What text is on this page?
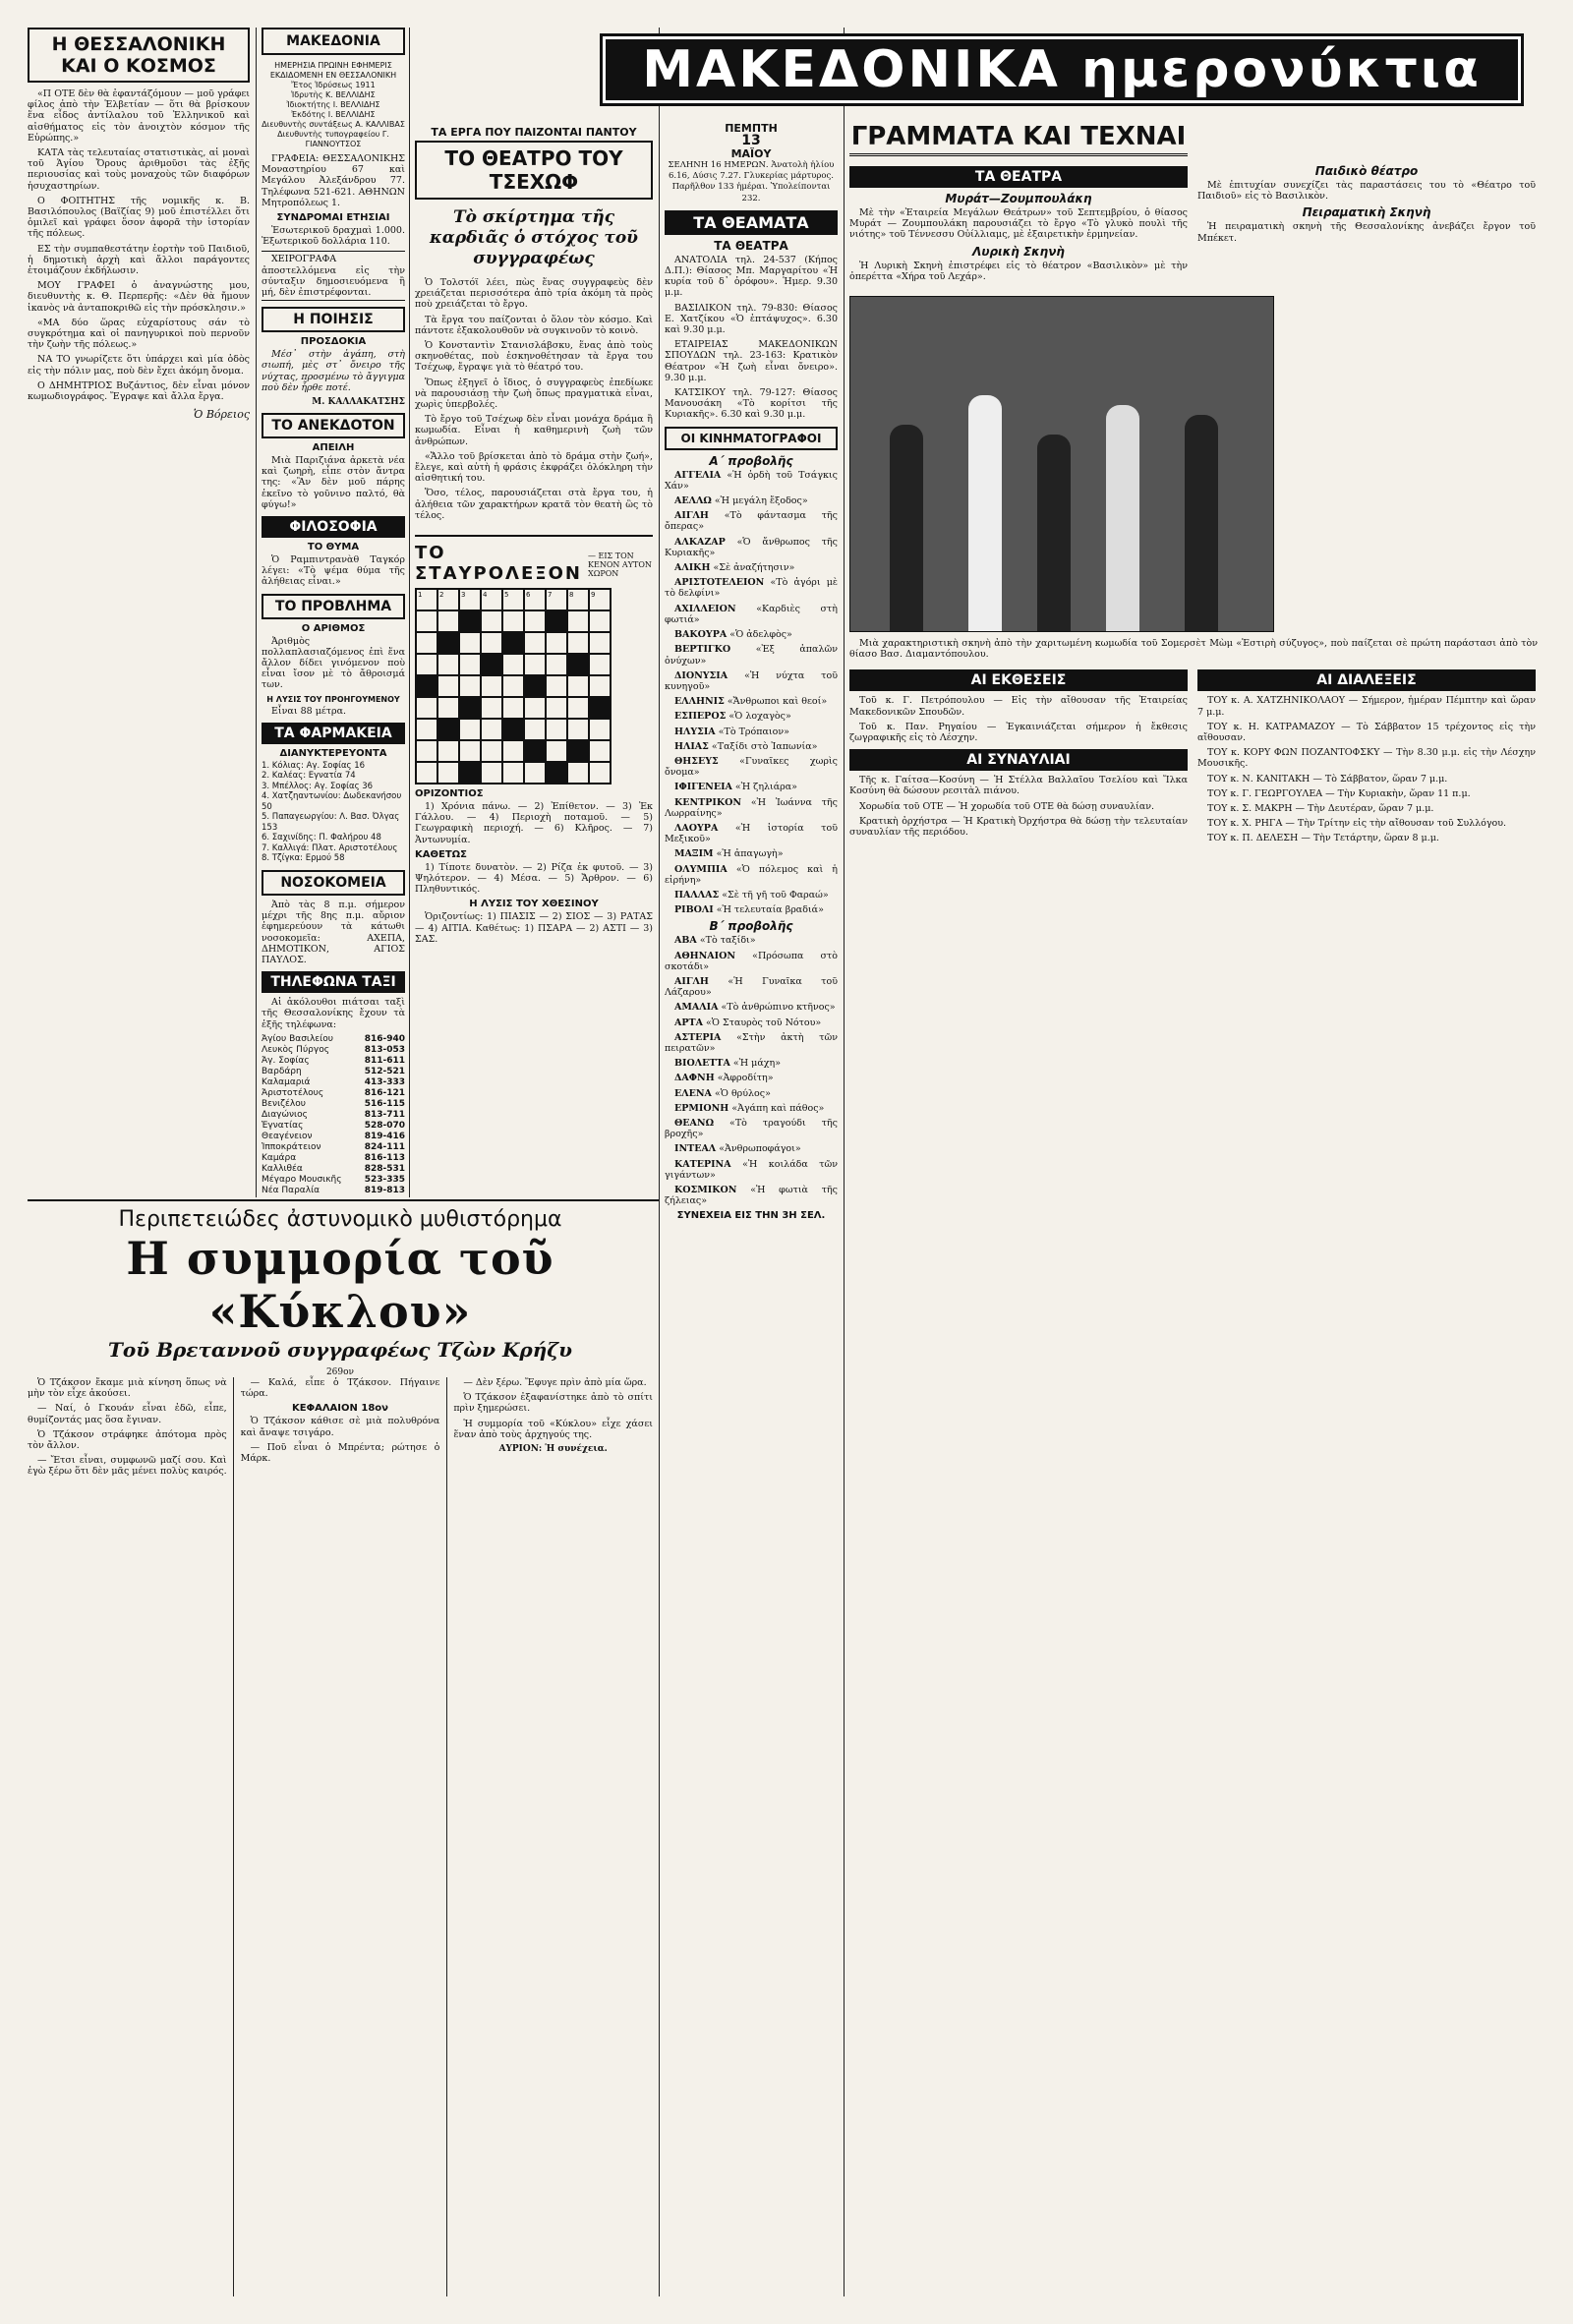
ΜΑΚΕΔΟΝΙΚΑ ημερονύκτια
Η ΘΕΣΣΑΛΟΝΙΚΗ ΚΑΙ Ο ΚΟΣΜΟΣ

«Π ΟΤΕ δὲν θὰ ἐφαντάζόμουν — μοῦ γράφει φίλος ἀπὸ τὴν Ἑλβετίαν — ὅτι θὰ βρίσκουν ἕνα εἶδος ἀντίλαλου τοῦ Ἑλληνικοῦ καὶ αἰσθήματος εἰς τὸν ἀνοιχτὸν κόσμον τῆς Εὐρώπης.»

ΚΑΤΑ τὰς τελευταίας στατιστικὰς, αἱ μοναὶ τοῦ Ἁγίου Ὄρους ἀριθμοῦσι τὰς ἐξῆς περιουσίας καὶ τοὺς μοναχοὺς τῶν διαφόρων ἡσυχαστηρίων.

Ο ΦΟΙΤΗΤΗΣ τῆς νομικῆς κ. Β. Βασιλόπουλος (Βαϊζίας 9) μοῦ ἐπιστέλλει ὅτι ὁμιλεῖ καὶ γράφει ὅσον ἀφορᾶ τὴν ἱστορίαν τῆς πόλεως.

ΕΣ τὴν συμπαθεστάτην ἑορτὴν τοῦ Παιδιοῦ, ἡ δημοτικὴ ἀρχὴ καὶ ἄλλοι παράγοντες ἐτοιμάζουν ἐκδήλωσιν.

ΜΟΥ ΓΡΑΦΕΙ ὁ ἀναγνώστης μου, διευθυντὴς κ. Θ. Περπερῆς: «Δὲν θὰ ἤμουν ἱκανὸς νὰ ἀνταποκριθῶ εἰς τὴν πρόσκλησιν.»

«ΜΑ δύο ὥρας εὐχαρίστους σάν τὸ συγκρότημα καὶ οἱ πανηγυρικοὶ ποὺ περνοῦν τὴν ζωὴν τῆς πόλεως.»

ΝΑ ΤΟ γνωρίζετε ὅτι ὑπάρχει καὶ μία ὁδὸς εἰς τὴν πόλιν μας, ποὺ δὲν ἔχει ἀκόμη ὄνομα.

Ο ΔΗΜΗΤΡΙΟΣ Βυζάντιος, δὲν εἶναι μόνον κωμωδιογράφος. Ἔγραψε καὶ ἄλλα ἔργα.

Ὁ Βόρειος
ΜΑΚΕΔΟΝΙΑ
ΗΜΕΡΗΣΙΑ ΠΡΩΙΝΗ ΕΦΗΜΕΡΙΣ ΕΚΔΙΔΟΜΕΝΗ ΕΝ ΘΕΣΣΑΛΟΝΙΚΗ
Ἔτος Ἱδρύσεως 1911
Ἱδρυτὴς Κ. ΒΕΛΛΙΔΗΣ
Ἰδιοκτήτης Ι. ΒΕΛΛΙΔΗΣ
Ἐκδότης Ι. ΒΕΛΛΙΔΗΣ
Διευθυντὴς συντάξεως Α. ΚΑΛΛΙΒΑΣ
Διευθυντὴς τυπογραφείου Γ. ΓΙΑΝΝΟΥΤΣΟΣ

ΓΡΑΦΕΙΑ: ΘΕΣΣΑΛΟΝΙΚΗΣ Μοναστηρίου 67 καὶ Μεγάλου Ἀλεξάνδρου 77. Τηλέφωνα 521-621. ΑΘΗΝΩΝ Μητροπόλεως 1.

ΣΥΝΔΡΟΜΑΙ ΕΤΗΣΙΑΙ

Ἐσωτερικοῦ δραχμαὶ 1.000. Ἐξωτερικοῦ δολλάρια 110.

ΧΕΙΡΟΓΡΑΦΑ ἀποστελλόμενα εἰς τὴν σύνταξιν δημοσιευόμενα ἢ μή, δὲν ἐπιστρέφονται.

Η ΠΟΙΗΣΙΣ
ΠΡΟΣΔΟΚΙΑ

Μέσ᾽ στὴν ἀγάπη, στὴ σιωπή, μὲς στ᾽ ὄνειρο τῆς νύχτας, προσμένω τὸ ἄγγιγμα ποὺ δὲν ἦρθε ποτέ.

Μ. ΚΑΛΛΑΚΑΤΣΗΣ
ΤΟ ΑΝΕΚΔΟΤΟΝ
ΑΠΕΙΛΗ

Μιὰ Παριζιάνα ἀρκετὰ νέα καὶ ζωηρὴ, εἶπε στὸν ἄντρα της: «Ἂν δὲν μοῦ πάρης ἐκεῖνο τὸ γοῦνινο παλτό, θὰ φύγω!»

ΦΙΛΟΣΟΦΙΑ
ΤΟ ΘΥΜΑ

Ὁ Ραμπιντρανὰθ Ταγκόρ λέγει: «Τὸ ψέμα θύμα τῆς ἀλήθειας εἶναι.»

ΤΟ ΠΡΟΒΛΗΜΑ
Ο ΑΡΙΘΜΟΣ

Ἀριθμὸς πολλαπλασιαζόμενος ἐπὶ ἕνα ἄλλον δίδει γινόμενον ποὺ εἶναι ἴσον μὲ τὸ ἄθροισμά των.

Η ΛΥΣΙΣ ΤΟΥ ΠΡΟΗΓΟΥΜΕΝΟΥ

Εἶναι 88 μέτρα.

ΤΑ ΦΑΡΜΑΚΕΙΑ
ΔΙΑΝΥΚΤΕΡΕΥΟΝΤΑ
1. Κόλιας: Αγ. Σοφίας 16
2. Καλέας: Εγνατία 74
3. Μπέλλος: Αγ. Σοφίας 36
4. Χατζηαντωνίου: Δωδεκανήσου 50
5. Παπαγεωργίου: Λ. Βασ. Όλγας 153
6. Σαχινίδης: Π. Φαλήρου 48
7. Καλλιγά: Πλατ. Αριστοτέλους
8. Τζίγκα: Ερμού 58
ΝΟΣΟΚΟΜΕΙΑ

Ἀπὸ τὰς 8 π.μ. σήμερον μέχρι τῆς 8ης π.μ. αὔριον ἐφημερεύουν τὰ κάτωθι νοσοκομεῖα: ΑΧΕΠΑ, ΔΗΜΟΤΙΚΟΝ, ΑΓΙΟΣ ΠΑΥΛΟΣ.

ΤΗΛΕΦΩΝΑ ΤΑΞΙ

Αἱ ἀκόλουθοι πιάτσαι ταξὶ τῆς Θεσσαλονίκης ἔχουν τὰ ἐξῆς τηλέφωνα:

Ἀγίου Βασιλείου	816-940
Λευκὸς Πύργος	813-053
Ἀγ. Σοφίας	811-611
Βαρδάρη	512-521
Καλαμαριά	413-333
Ἀριστοτέλους	816-121
Βενιζέλου	516-115
Διαγώνιος	813-711
Ἐγνατίας	528-070
Θεαγένειον	819-416
Ἱπποκράτειον	824-111
Καμάρα	816-113
Καλλιθέα	828-531
Μέγαρο Μουσικῆς	523-335
Νέα Παραλία	819-813

ΤΑ ΕΡΓΑ ΠΟΥ ΠΑΙΖΟΝΤΑΙ ΠΑΝΤΟΥ
ΤΟ ΘΕΑΤΡΟ ΤΟΥ ΤΣΕΧΩΦ
Τὸ σκίρτημα τῆς καρδιᾶς ὁ στόχος τοῦ συγγραφέως

Ὁ Τολστόϊ λέει, πὼς ἕνας συγγραφεὺς δὲν χρειάζεται περισσότερα ἀπὸ τρία ἀκόμη τὰ πρὸς ποὺ χρειάζεται τὸ ἔργο.

Τὰ ἔργα του παίζονται ὁ ὅλον τὸν κόσμο. Καὶ πάντοτε ἐξακολουθοῦν νὰ συγκινοῦν τὸ κοινὸ.

Ὁ Κονσταντὶν Στανισλάβσκυ, ἕνας ἀπὸ τοὺς σκηνοθέτας, ποὺ ἐσκηνοθέτησαν τὰ ἔργα του Τσέχωφ, ἔγραψε γιὰ τὸ θέατρό του.

Ὅπως ἐξηγεῖ ὁ ἴδιος, ὁ συγγραφεὺς ἐπεδίωκε νὰ παρουσιάσῃ τὴν ζωὴ ὅπως πραγματικὰ εἶναι, χωρὶς ὑπερβολές.

Τὸ ἔργο τοῦ Τσέχωφ δὲν εἶναι μονάχα δράμα ἢ κωμωδία. Εἶναι ἡ καθημερινὴ ζωὴ τῶν ἀνθρώπων.

«Ἄλλο τοῦ βρίσκεται ἀπὸ τὸ δράμα στὴν ζωή», ἔλεγε, καὶ αὐτὴ ἡ φράσις ἐκφράζει ὁλόκληρη τὴν αἰσθητική του.

Ὅσο, τέλος, παρουσιάζεται στὰ ἔργα του, ἡ ἀλήθεια τῶν χαρακτήρων κρατᾶ τὸν θεατὴ ὣς τὸ τέλος.

ΤΟ ΣΤΑΥΡΟΛΕΞΟΝ
— ΕΙΣ ΤΟΝ ΚΕΝΟΝ ΑΥΤΟΝ ΧΩΡΟΝ
1	2	3	4	5	6	7	8	9
ΟΡΙΖΟΝΤΙΟΣ

1) Χρόνια πάνω. — 2) Ἐπίθετον. — 3) Ἐκ Γάλλου. — 4) Περιοχὴ ποταμοῦ. — 5) Γεωγραφικὴ περιοχή. — 6) Κλῆρος. — 7) Ἀντωνυμία.

ΚΑΘΕΤΩΣ

1) Τίποτε δυνατὸν. — 2) Ρίζα ἐκ φυτοῦ. — 3) Ψηλότερον. — 4) Μέσα. — 5) Ἄρθρον. — 6) Πληθυντικός.

Η ΛΥΣΙΣ ΤΟΥ ΧΘΕΣΙΝΟΥ

Ὁριζοντίως: 1) ΠΙΑΣΙΣ — 2) ΣΙΟΣ — 3) ΡΑΤΑΣ — 4) ΑΙΤΙΑ. Καθέτως: 1) ΠΣΑΡΑ — 2) ΑΣΤΙ — 3) ΣΑΣ.

Περιπετειώδες ἀστυνομικὸ μυθιστόρημα
Η συμμορία τοῦ «Κύκλου»
Τοῦ Βρεταννοῦ συγγραφέως Τζὼν Κρήζυ
269ον

Ὁ Τζάκσον ἔκαμε μιὰ κίνηση ὅπως νὰ μὴν τὸν εἶχε ἀκούσει.

— Ναί, ὁ Γκουάν εἶναι ἐδῶ, εἶπε, θυμίζοντάς μας ὅσα ἔγιναν.

Ὁ Τζάκσον στράφηκε ἀπότομα πρὸς τὸν ἄλλον.

— Ἔτσι εἶναι, συμφωνῶ μαζί σου. Καὶ ἐγὼ ξέρω ὅτι δὲν μᾶς μένει πολὺς καιρός.

— Καλά, εἶπε ὁ Τζάκσον. Πήγαινε τώρα.

ΚΕΦΑΛΑΙΟΝ 18ον

Ὁ Τζάκσον κάθισε σὲ μιὰ πολυθρόνα καὶ ἄναψε τσιγάρο.

— Ποῦ εἶναι ὁ Μπρέντα; ρώτησε ὁ Μάρκ.

— Δὲν ξέρω. Ἔφυγε πρὶν ἀπὸ μία ὥρα.

Ὁ Τζάκσον ἐξαφανίστηκε ἀπὸ τὸ σπίτι πρὶν ξημερώσει.

Ἡ συμμορία τοῦ «Κύκλου» εἶχε χάσει ἕναν ἀπὸ τοὺς ἀρχηγούς της.

ΑΥΡΙΟΝ: Ἡ συνέχεια.
ΠΕΜΠΤΗ
13
ΜΑΪΟΥ

ΣΕΛΗΝΗ 16 ΗΜΕΡΩΝ. Ἀνατολὴ ἡλίου 6.16, Δύσις 7.27. Γλυκερίας μάρτυρος. Παρῆλθον 133 ἡμέραι. Ὑπολείπονται 232.

ΤΑ ΘΕΑΜΑΤΑ
ΤΑ ΘΕΑΤΡΑ

ΑΝΑΤΟΛΙΑ τηλ. 24-537 (Κήπος Δ.Π.): Θίασος Μπ. Μαργαρίτου «Ἡ κυρία τοῦ δ᾽ ὀρόφου». Ἡμερ. 9.30 μ.μ.

ΒΑΣΙΛΙΚΟΝ τηλ. 79-830: Θίασος Ε. Χατζίκου «Ὁ ἑπτάψυχος». 6.30 καὶ 9.30 μ.μ.

ΕΤΑΙΡΕΙΑΣ ΜΑΚΕΔΟΝΙΚΩΝ ΣΠΟΥΔΩΝ τηλ. 23-163: Κρατικὸν Θέατρον «Ἡ ζωὴ εἶναι ὄνειρο». 9.30 μ.μ.

ΚΑΤΣΙΚΟΥ τηλ. 79-127: Θίασος Μανουσάκη «Τὸ κορίτσι τῆς Κυριακῆς». 6.30 καὶ 9.30 μ.μ.

ΟΙ ΚΙΝΗΜΑΤΟΓΡΑΦΟΙ
Α΄ προβολῆς

ΑΓΓΕΛΙΑ «Ἡ ὀρδὴ τοῦ Τσάγκις Χάν»

ΑΕΛΛΩ «Ἡ μεγάλη ἔξοδος»

ΑΙΓΛΗ «Τὸ φάντασμα τῆς ὄπερας»

ΑΛΚΑΖΑΡ «Ὁ ἄνθρωπος τῆς Κυριακῆς»

ΑΛΙΚΗ «Σὲ ἀναζήτησιν»

ΑΡΙΣΤΟΤΕΛΕΙΟΝ «Τὸ ἀγόρι μὲ τὸ δελφίνι»

ΑΧΙΛΛΕΙΟΝ «Καρδιὲς στὴ φωτιά»

ΒΑΚΟΥΡΑ «Ὁ ἀδελφὸς»

ΒΕΡΤΙΓΚΟ	«Ἐξ ἁπαλῶν ὀνύχων»

ΔΙΟΝΥΣΙΑ «Ἡ νύχτα τοῦ κυνηγοῦ»

ΕΛΛΗΝΙΣ «Ἄνθρωποι καὶ θεοί»

ΕΣΠΕΡΟΣ «Ὁ λοχαγὸς»

ΗΛΥΣΙΑ «Τὸ Τρόπαιον»

ΗΛΙΑΣ «Ταξίδι στὸ Ἰαπωνία»

ΘΗΣΕΥΣ «Γυναῖκες χωρὶς ὄνομα»

ΙΦΙΓΕΝΕΙΑ «Ἡ ζηλιάρα»

ΚΕΝΤΡΙΚΟΝ «Ἡ Ἰωάννα τῆς Λωρραίνης»

ΛΑΟΥΡΑ «Ἡ ἱστορία τοῦ Μεξικοῦ»

ΜΑΞΙΜ «Ἡ ἀπαγωγὴ»

ΟΛΥΜΠΙΑ «Ὁ πόλεμος καὶ ἡ εἰρήνη»

ΠΑΛΛΑΣ «Σὲ τῆ γῆ τοῦ Φαραώ»

ΡΙΒΟΛΙ «Ἡ τελευταία βραδιά»

Β΄ προβολῆς

ΑΒΑ «Τὸ ταξίδι»

ΑΘΗΝΑΙΟΝ «Πρόσωπα στὸ σκοτάδι»

ΑΙΓΛΗ «Ἡ Γυναῖκα τοῦ Λάζαρου»

ΑΜΑΛΙΑ «Τὸ ἀνθρώπινο κτῆνος»

ΑΡΤΑ «Ὁ Σταυρὸς τοῦ Νότου»

ΑΣΤΕΡΙΑ «Στὴν ἀκτὴ τῶν πειρατῶν»

ΒΙΟΛΕΤΤΑ «Ἡ μάχη»

ΔΑΦΝΗ «Ἀφροδίτη»

ΕΛΕΝΑ «Ὁ θρύλος»

ΕΡΜΙΟΝΗ «Ἀγάπη καὶ πάθος»

ΘΕΑΝΩ «Τὸ τραγούδι τῆς βροχῆς»

ΙΝΤΕΑΛ «Ἀνθρωποφάγοι»

ΚΑΤΕΡΙΝΑ «Ἡ κοιλάδα τῶν γιγάντων»

ΚΟΣΜΙΚΟΝ «Ἡ φωτιὰ τῆς ζήλειας»

ΣΥΝΕΧΕΙΑ ΕΙΣ ΤΗΝ 3Η ΣΕΛ.
ΓΡΑΜΜΑΤΑ ΚΑΙ ΤΕΧΝΑΙ
ΤΑ ΘΕΑΤΡΑ
Μυράτ—Ζουμπουλάκη

Μὲ τὴν «Ἑταιρεία Μεγάλων Θεάτρων» τοῦ Σεπτεμβρίου, ὁ θίασος Μυράτ — Ζουμπουλάκη παρουσιάζει τὸ ἔργο «Τὸ γλυκὸ πουλὶ τῆς νιότης» τοῦ Τέννεσσυ Οὐίλλιαμς, μὲ ἐξαιρετικὴν ἑρμηνείαν.

Λυρικὴ Σκηνὴ

Ἡ Λυρικὴ Σκηνὴ ἐπιστρέφει εἰς τὸ θέατρον «Βασιλικὸν» μὲ τὴν ὀπερέττα «Χήρα τοῦ Λεχάρ».

Παιδικὸ θέατρο

Μὲ ἐπιτυχίαν συνεχίζει τὰς παραστάσεις του τὸ «Θέατρο τοῦ Παιδιοῦ» εἰς τὸ Βασιλικὸν.

Πειραματικὴ Σκηνὴ

Ἡ πειραματικὴ σκηνὴ τῆς Θεσσαλονίκης ἀνεβάζει ἔργον τοῦ Μπέκετ.

Μιὰ χαρακτηριστικὴ σκηνὴ ἀπὸ τὴν χαριτωμένη κωμωδία τοῦ Σομερσὲτ Μὼμ «Ἑστιρὴ σύζυγος», ποὺ παίζεται σὲ πρώτη παράστασι ἀπὸ τὸν θίασο Βασ. Διαμαντόπουλου.

ΑΙ ΕΚΘΕΣΕΙΣ

Τοῦ κ. Γ. Πετρόπουλου — Εἰς τὴν αἴθουσαν τῆς Ἑταιρείας Μακεδονικῶν Σπουδῶν.

Τοῦ κ. Παν. Ρηγαίου — Ἐγκαινιάζεται σήμερον ἡ ἔκθεσις ζωγραφικῆς εἰς τὸ Λέσχην.

ΑΙ ΣΥΝΑΥΛΙΑΙ

Τῆς κ. Γαίτσα—Κοσύνη — Ἡ Στέλλα Βαλλαῖου Τσελίου καὶ Ἴλκα Κοσύνη θὰ δώσουν ρεσιτὰλ πιάνου.

Χορωδία τοῦ ΟΤΕ — Ἡ χορωδία τοῦ ΟΤΕ θὰ δώσῃ συναυλίαν.

Κρατικὴ ὀρχήστρα — Ἡ Κρατικὴ Ὀρχήστρα θὰ δώσῃ τὴν τελευταίαν συναυλίαν τῆς περιόδου.

ΑΙ ΔΙΑΛΕΞΕΙΣ

ΤΟΥ κ. Α. ΧΑΤΖΗΝΙΚΟΛΑΟΥ — Σήμερον, ἡμέραν Πέμπτην καὶ ὥραν 7 μ.μ.

ΤΟΥ κ. Η. ΚΑΤΡΑΜΑΖΟΥ — Τὸ Σάββατον 15 τρέχοντος εἰς τὴν αἴθουσαν.

ΤΟΥ κ. ΚΟΡΥ ΦΩΝ ΠΟΖΑΝΤΟΦΣΚΥ — Τὴν 8.30 μ.μ. εἰς τὴν Λέσχην Μουσικῆς.

ΤΟΥ κ. Ν. ΚΑΝΙΤΑΚΗ — Τὸ Σάββατον, ὥραν 7 μ.μ.

ΤΟΥ κ. Γ. ΓΕΩΡΓΟΥΛΕΑ — Τὴν Κυριακὴν, ὥραν 11 π.μ.

ΤΟΥ κ. Σ. ΜΑΚΡΗ — Τὴν Δευτέραν, ὥραν 7 μ.μ.

ΤΟΥ κ. Χ. ΡΗΓΑ — Τὴν Τρίτην εἰς τὴν αἴθουσαν τοῦ Συλλόγου.

ΤΟΥ κ. Π. ΔΕΛΕΣΗ — Τὴν Τετάρτην, ὥραν 8 μ.μ.
